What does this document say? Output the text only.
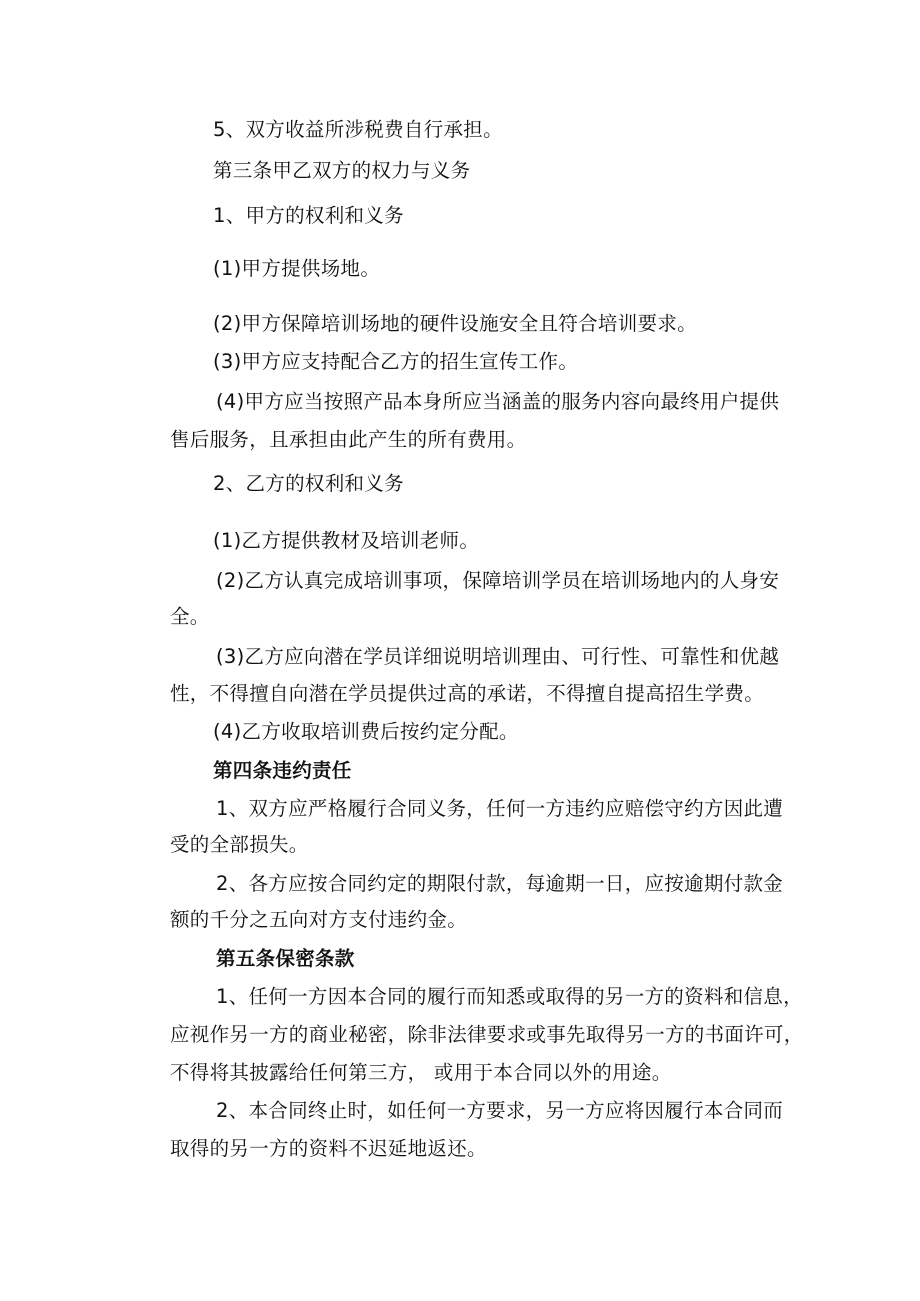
5、双方收益所涉税费自行承担。
第三条甲乙双方的权力与义务
1、甲方的权利和义务
(1)甲方提供场地。
(2)甲方保障培训场地的硬件设施安全且符合培训要求。
(3)甲方应支持配合乙方的招生宣传工作。
(4)甲方应当按照产品本身所应当涵盖的服务内容向最终用户提供
售后服务，且承担由此产生的所有费用。
2、乙方的权利和义务
(1)乙方提供教材及培训老师。
(2)乙方认真完成培训事项，保障培训学员在培训场地内的人身安
全。
(3)乙方应向潜在学员详细说明培训理由、可行性、可靠性和优越
性，不得擅自向潜在学员提供过高的承诺，不得擅自提高招生学费。
(4)乙方收取培训费后按约定分配。
第四条违约责任
1、双方应严格履行合同义务，任何一方违约应赔偿守约方因此遭
受的全部损失。
2、各方应按合同约定的期限付款，每逾期一日，应按逾期付款金
额的千分之五向对方支付违约金。
第五条保密条款
1、任何一方因本合同的履行而知悉或取得的另一方的资料和信息，
应视作另一方的商业秘密，除非法律要求或事先取得另一方的书面许可，
不得将其披露给任何第三方， 或用于本合同以外的用途。
2、本合同终止时，如任何一方要求，另一方应将因履行本合同而
取得的另一方的资料不迟延地返还。
